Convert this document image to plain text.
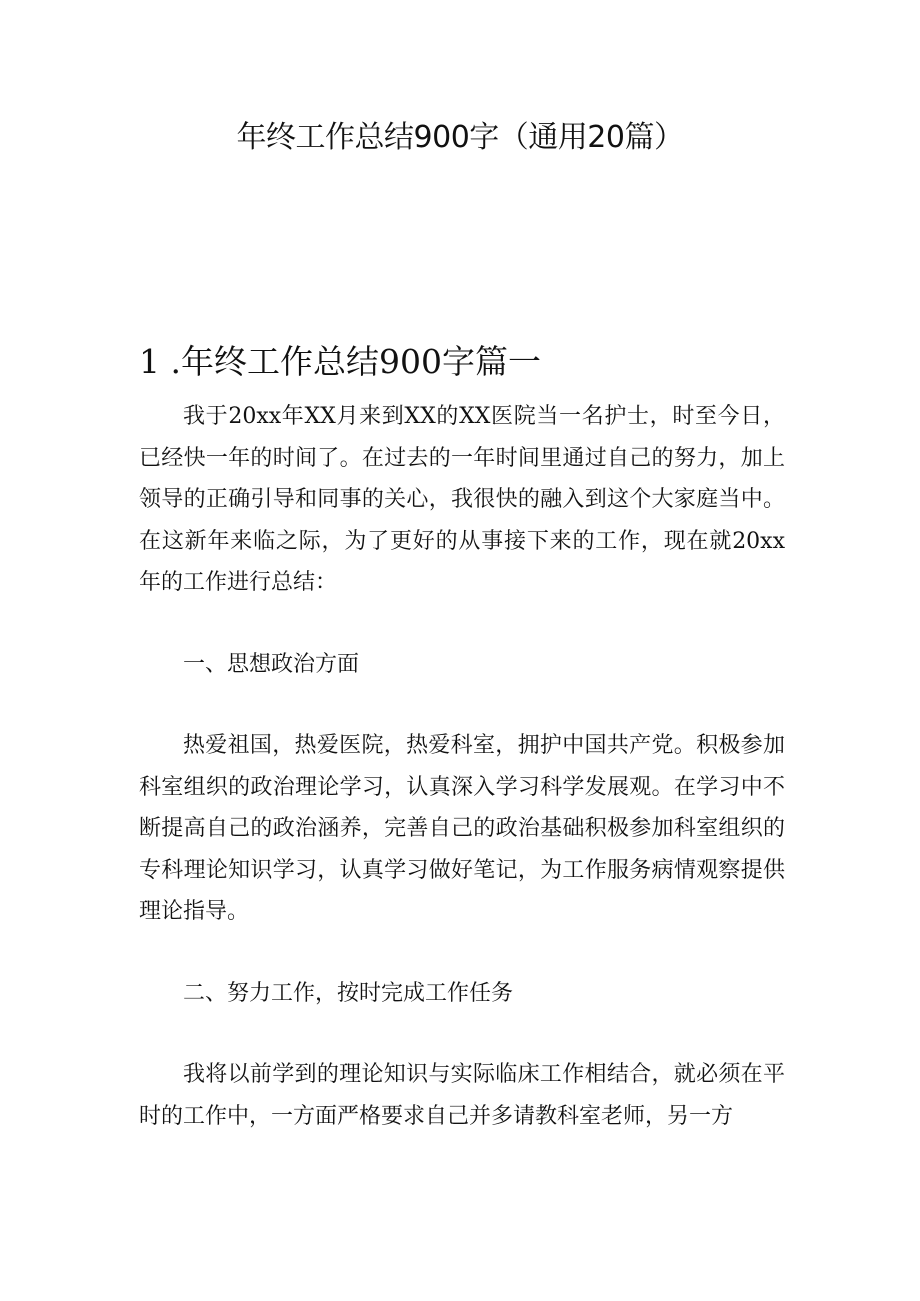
年终工作总结900字（通用20篇）
1 .年终工作总结900字篇一

我于20xx年XX月来到XX的XX医院当一名护士，时至今日，已经快一年的时间了。在过去的一年时间里通过自己的努力，加上领导的正确引导和同事的关心，我很快的融入到这个大家庭当中。在这新年来临之际，为了更好的从事接下来的工作，现在就20xx年的工作进行总结：

一、思想政治方面

热爱祖国，热爱医院，热爱科室，拥护中国共产党。积极参加科室组织的政治理论学习，认真深入学习科学发展观。在学习中不断提高自己的政治涵养，完善自己的政治基础积极参加科室组织的专科理论知识学习，认真学习做好笔记，为工作服务病情观察提供理论指导。

二、努力工作，按时完成工作任务

我将以前学到的理论知识与实际临床工作相结合，就必须在平时的工作中，一方面严格要求自己并多请教科室老师，另一方
